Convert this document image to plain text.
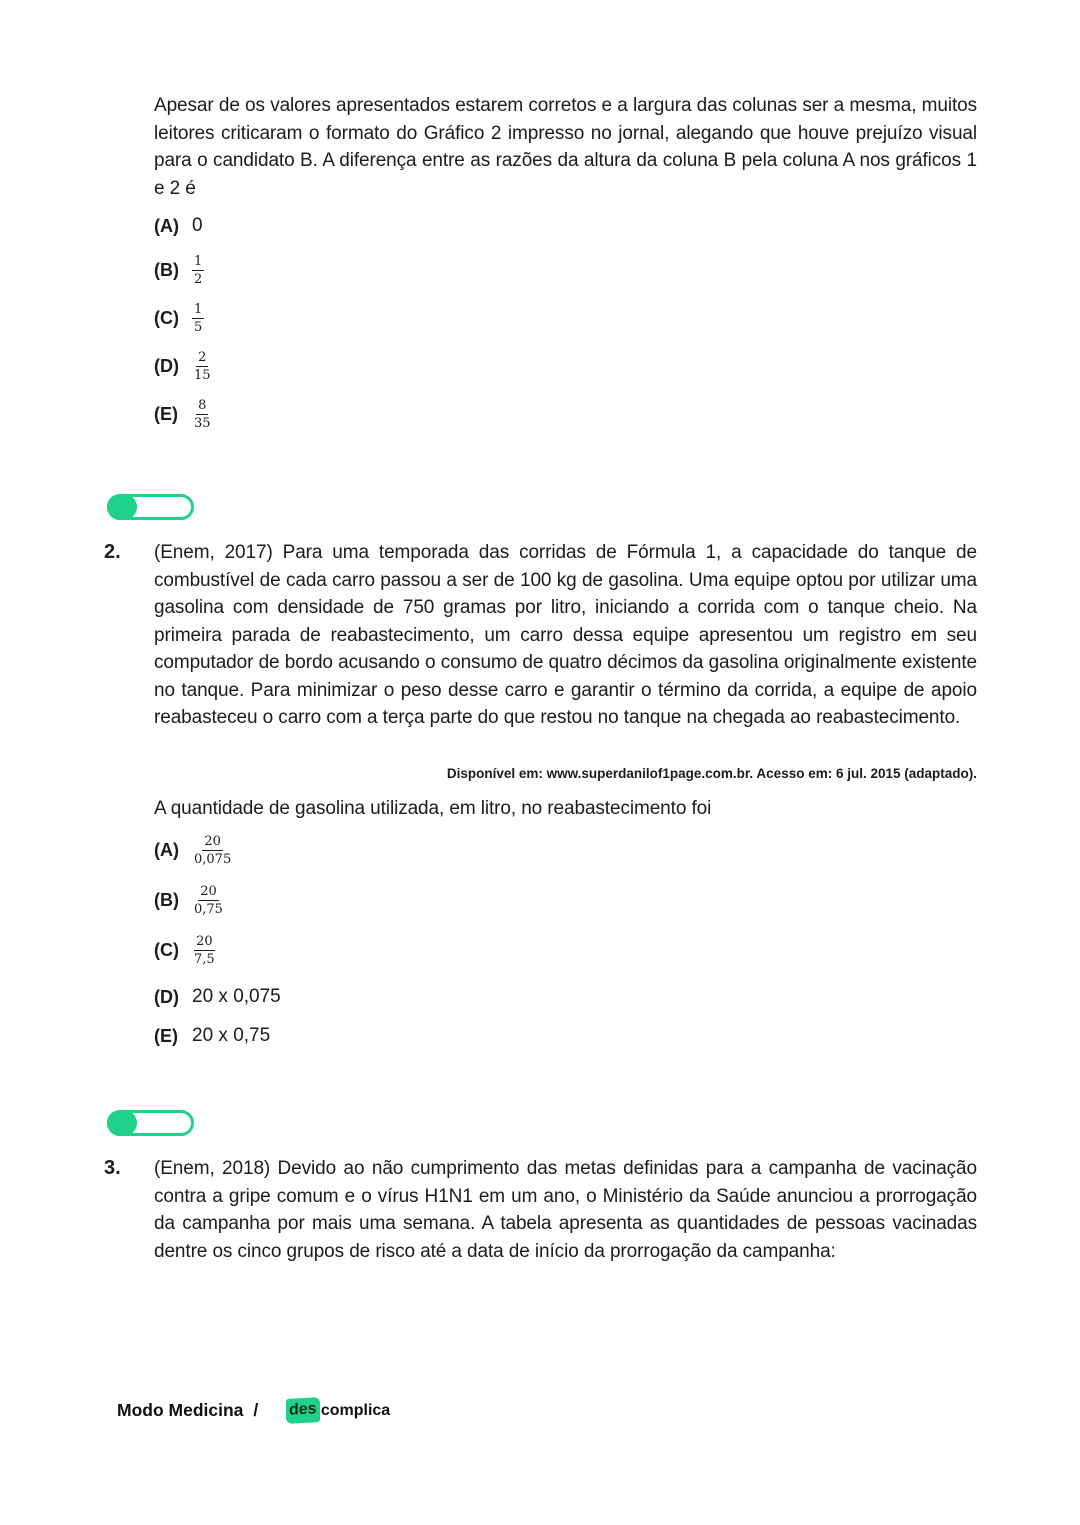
Apesar de os valores apresentados estarem corretos e a largura das colunas ser a mesma, muitos leitores criticaram o formato do Gráfico 2 impresso no jornal, alegando que houve prejuízo visual para o candidato B. A diferença entre as razões da altura da coluna B pela coluna A nos gráficos 1 e 2 é

(A) 0
(B)	$\frac{1}{2}$
(C)	$\frac{1}{5}$
(D)	$\frac{2}{15}$
(E)	$\frac{8}{35}$
2. (Enem, 2017) Para uma temporada das corridas de Fórmula 1, a capacidade do tanque de combustível de cada carro passou a ser de 100 kg de gasolina. Uma equipe optou por utilizar uma gasolina com densidade de 750 gramas por litro, iniciando a corrida com o tanque cheio. Na primeira parada de reabastecimento, um carro dessa equipe apresentou um registro em seu computador de bordo acusando o consumo de quatro décimos da gasolina originalmente existente no tanque. Para minimizar o peso desse carro e garantir o término da corrida, a equipe de apoio reabasteceu o carro com a terça parte do que restou no tanque na chegada ao reabastecimento.

Disponível em: www.superdanilof1page.com.br. Acesso em: 6 jul. 2015 (adaptado).

A quantidade de gasolina utilizada, em litro, no reabastecimento foi

(A)	$\frac{20}{0,075}$
(B)	$\frac{20}{0,75}$
(C)	$\frac{20}{7,5}$
(D) 20 x 0,075
(E) 20 x 0,75
3. (Enem, 2018) Devido ao não cumprimento das metas definidas para a campanha de vacinação contra a gripe comum e o vírus H1N1 em um ano, o Ministério da Saúde anunciou a prorrogação da campanha por mais uma semana. A tabela apresenta as quantidades de pessoas vacinadas dentre os cinco grupos de risco até a data de início da prorrogação da campanha:

Modo Medicina / des complica
